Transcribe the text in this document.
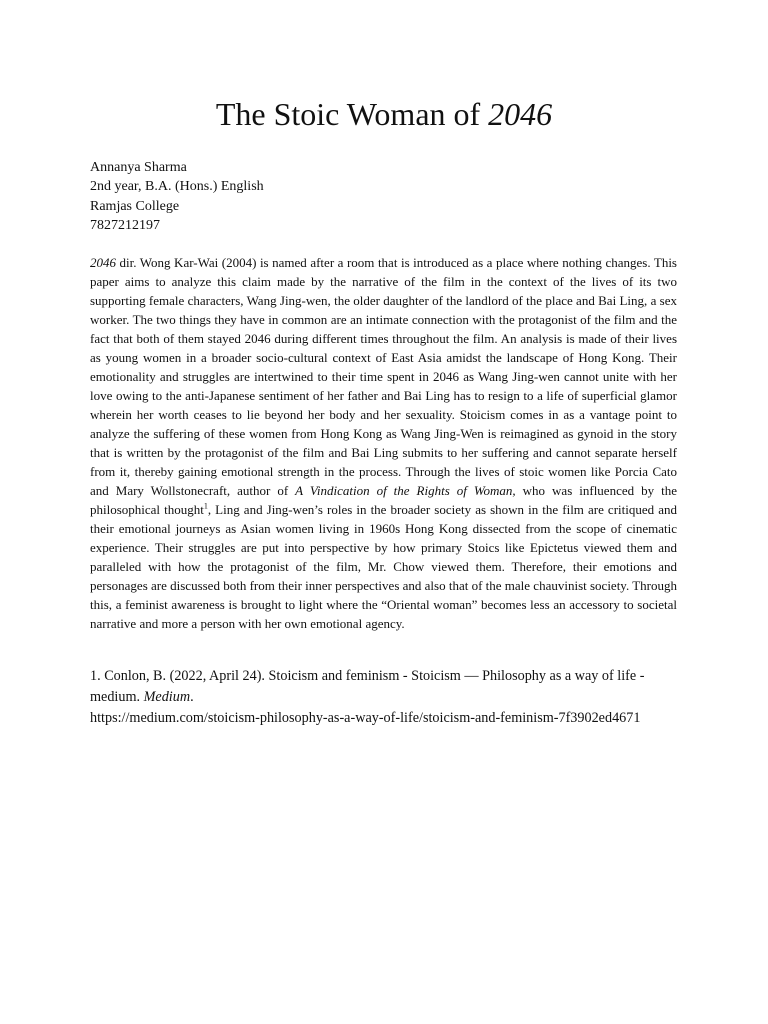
The Stoic Woman of 2046
Annanya Sharma
2nd year, B.A. (Hons.) English
Ramjas College
7827212197

2046 dir. Wong Kar-Wai (2004) is named after a room that is introduced as a place where nothing changes. This paper aims to analyze this claim made by the narrative of the film in the context of the lives of its two supporting female characters, Wang Jing-wen, the older daughter of the landlord of the place and Bai Ling, a sex worker. The two things they have in common are an intimate connection with the protagonist of the film and the fact that both of them stayed 2046 during different times throughout the film. An analysis is made of their lives as young women in a broader socio-cultural context of East Asia amidst the landscape of Hong Kong. Their emotionality and struggles are intertwined to their time spent in 2046 as Wang Jing-wen cannot unite with her love owing to the anti-Japanese sentiment of her father and Bai Ling has to resign to a life of superficial glamor wherein her worth ceases to lie beyond her body and her sexuality. Stoicism comes in as a vantage point to analyze the suffering of these women from Hong Kong as Wang Jing-Wen is reimagined as gynoid in the story that is written by the protagonist of the film and Bai Ling submits to her suffering and cannot separate herself from it, thereby gaining emotional strength in the process. Through the lives of stoic women like Porcia Cato and Mary Wollstonecraft, author of A Vindication of the Rights of Woman, who was influenced by the philosophical thought$^1$, Ling and Jing-wen’s roles in the broader society as shown in the film are critiqued and their emotional journeys as Asian women living in 1960s Hong Kong dissected from the scope of cinematic experience. Their struggles are put into perspective by how primary Stoics like Epictetus viewed them and paralleled with how the protagonist of the film, Mr. Chow viewed them. Therefore, their emotions and personages are discussed both from their inner perspectives and also that of the male chauvinist society. Through this, a feminist awareness is brought to light where the “Oriental woman” becomes less an accessory to societal narrative and more a person with her own emotional agency.

1. Conlon, B. (2022, April 24). Stoicism and feminism - Stoicism — Philosophy as a way of life - medium. Medium.
https://medium.com/stoicism-philosophy-as-a-way-of-life/stoicism-and-feminism-7f3902ed4671
